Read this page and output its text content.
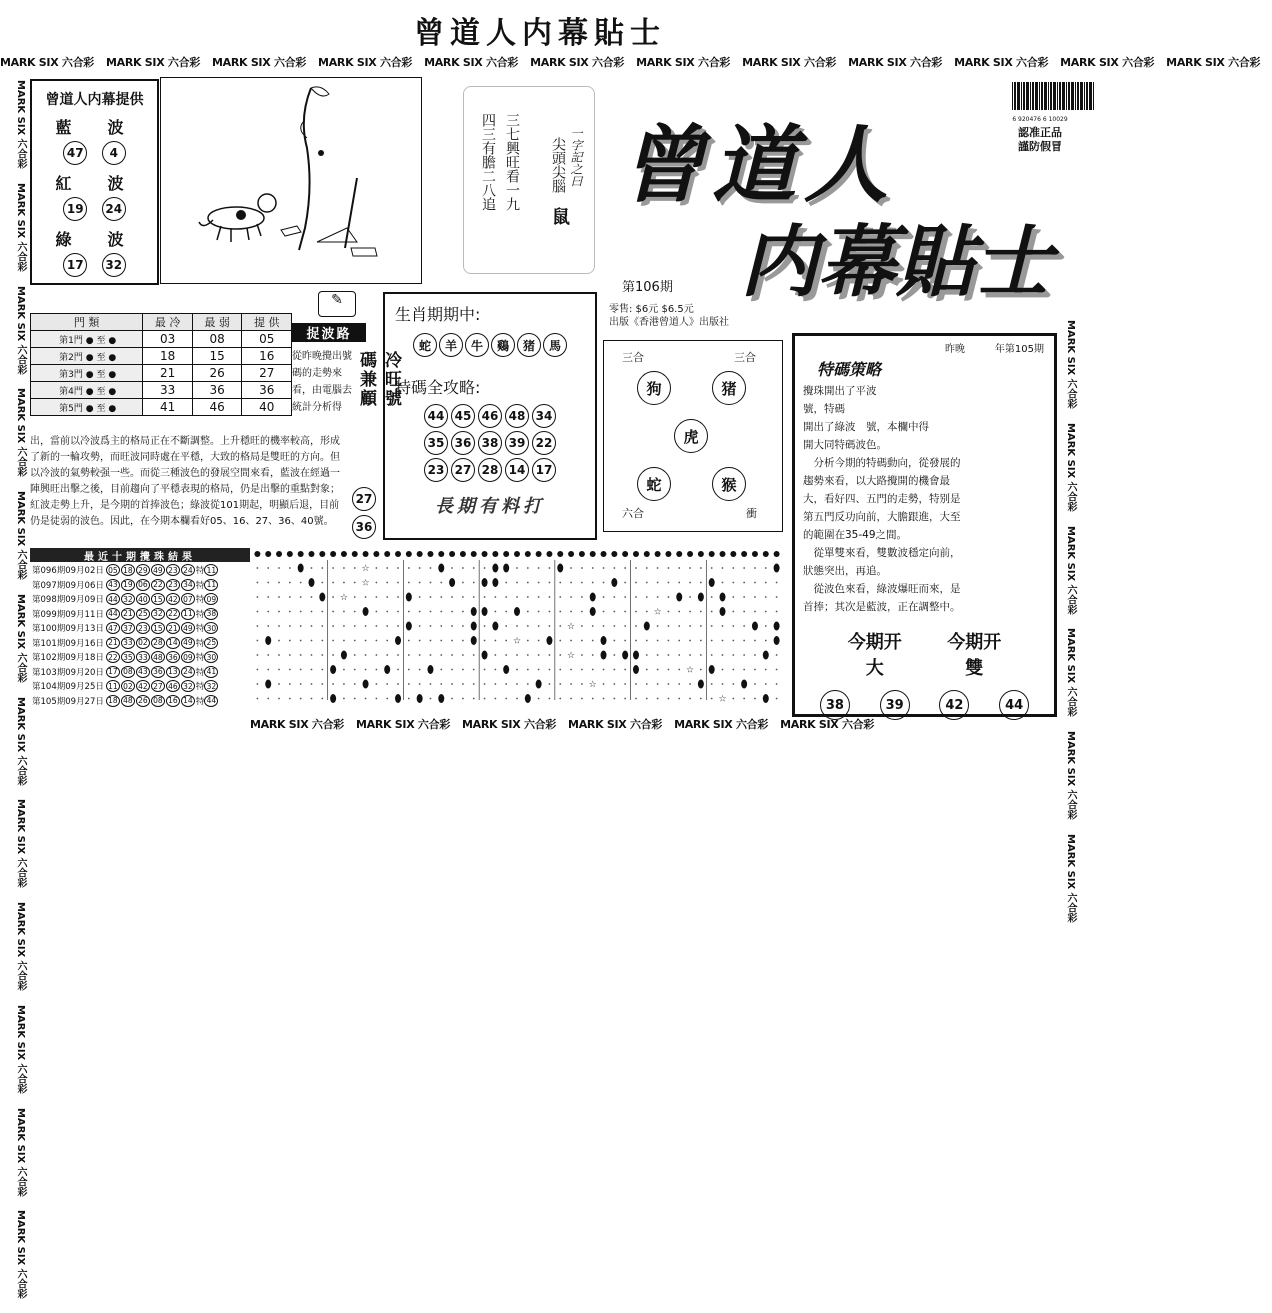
曾道人内幕貼士
MARK SIX 六合彩 MARK SIX 六合彩 MARK SIX 六合彩 MARK SIX 六合彩 MARK SIX 六合彩 MARK SIX 六合彩 MARK SIX 六合彩 MARK SIX 六合彩 MARK SIX 六合彩 MARK SIX 六合彩 MARK SIX 六合彩 MARK SIX 六合彩
MARK SIX 六合彩MARK SIX 六合彩MARK SIX 六合彩MARK SIX 六合彩MARK SIX 六合彩MARK SIX 六合彩MARK SIX 六合彩MARK SIX 六合彩MARK SIX 六合彩MARK SIX 六合彩MARK SIX 六合彩MARK SIX 六合彩
MARK SIX 六合彩MARK SIX 六合彩MARK SIX 六合彩MARK SIX 六合彩MARK SIX 六合彩MARK SIX 六合彩
曾道人内幕提供
藍　波
47	4
紅　波
19	24
綠　波
17	32
一字記之曰
鼠
尖頭尖腦
三七興旺看一九
四三有膽二八追 曾道人
内幕貼士
第106期
零售: $6元 $6.5元
出版《香港曾道人》出版社
6 920476 6 10029
認准正品
謹防假冒
門 類	最 冷	最 弱	提 供
第1門 ● 至 ●	03	08	05
第2門 ● 至 ●	18	15	16
第3門 ● 至 ●	21	26	27
第4門 ● 至 ●	33	36	36
第5門 ● 至 ●	41	46	40
✎
捉波路
從昨晚攪出號碼的走勢來看，由電腦去統計分析得	冷旺號碼兼顧
27
36
出，當前以冷波爲主的格局正在不斷調整。上升穩旺的機率較高，形成了新的一輪攻勢，而旺波同時處在平穩，大致的格局是雙旺的方向。但以冷波的氣勢較强一些。而從三種波色的發展空間來看，藍波在經過一陣興旺出擊之後，目前趨向了平穩表現的格局，仍是出擊的重點對象；紅波走勢上升，是今期的首捧波色；綠波從101期起，明顯后退，目前仍是徒弱的波色。因此，在今期本欄看好05、16、27、36、40號。
生肖期期中:
蛇	羊	牛	鷄	猪	馬
特碼全攻略:
44 45 46 48 34
35 36 38 39 22
23 27 28 14 17
長期有料打
三合	三合
狗	猪
虎
蛇	猴
六合	衝
昨晚	年第105期
特碼策略
攪珠開出了平波
號，特碼
開出了綠波　號，本欄中得
開大同特碼波色。
　分析今期的特碼動向，從發展的
趨勢來看，以大路攪開的機會最
大，看好四、五門的走勢，特别是
第五門反功向前，大膽跟進，大至
的範圍在35-49之間。
　從單雙來看，雙數波穩定向前，
狀態突出，再追。
　從波色來看，綠波爆旺而來，是
首捧；其次是藍波，正在調整中。
今期开
大
今期开
雙
38	39	42	44
最近十期攪珠結果
第096期 09月02日 05 18 29 49 23 24 特 11
第097期 09月06日 43 19 06 22 23 34 特 11
第098期 09月09日 44 32 40 15 42 07 特 09
第099期 09月11日 44 21 25 32 22 11 特 38
第100期 09月13日 47 37 23 15 21 49 特 30
第101期 09月16日 21 33 02 28 14 49 特 25
第102期 09月18日 22 35 33 48 36 09 特 30
第103期 09月20日 17 08 43 36 13 24 特 41
第104期 09月25日 11 02 42 27 46 32 特 32
第105期 09月27日 18 48 26 08 16 14 特 44
☆
☆
☆
☆
☆
☆
☆
☆
☆
☆
MARK SIX 六合彩 MARK SIX 六合彩 MARK SIX 六合彩 MARK SIX 六合彩 MARK SIX 六合彩 MARK SIX 六合彩
